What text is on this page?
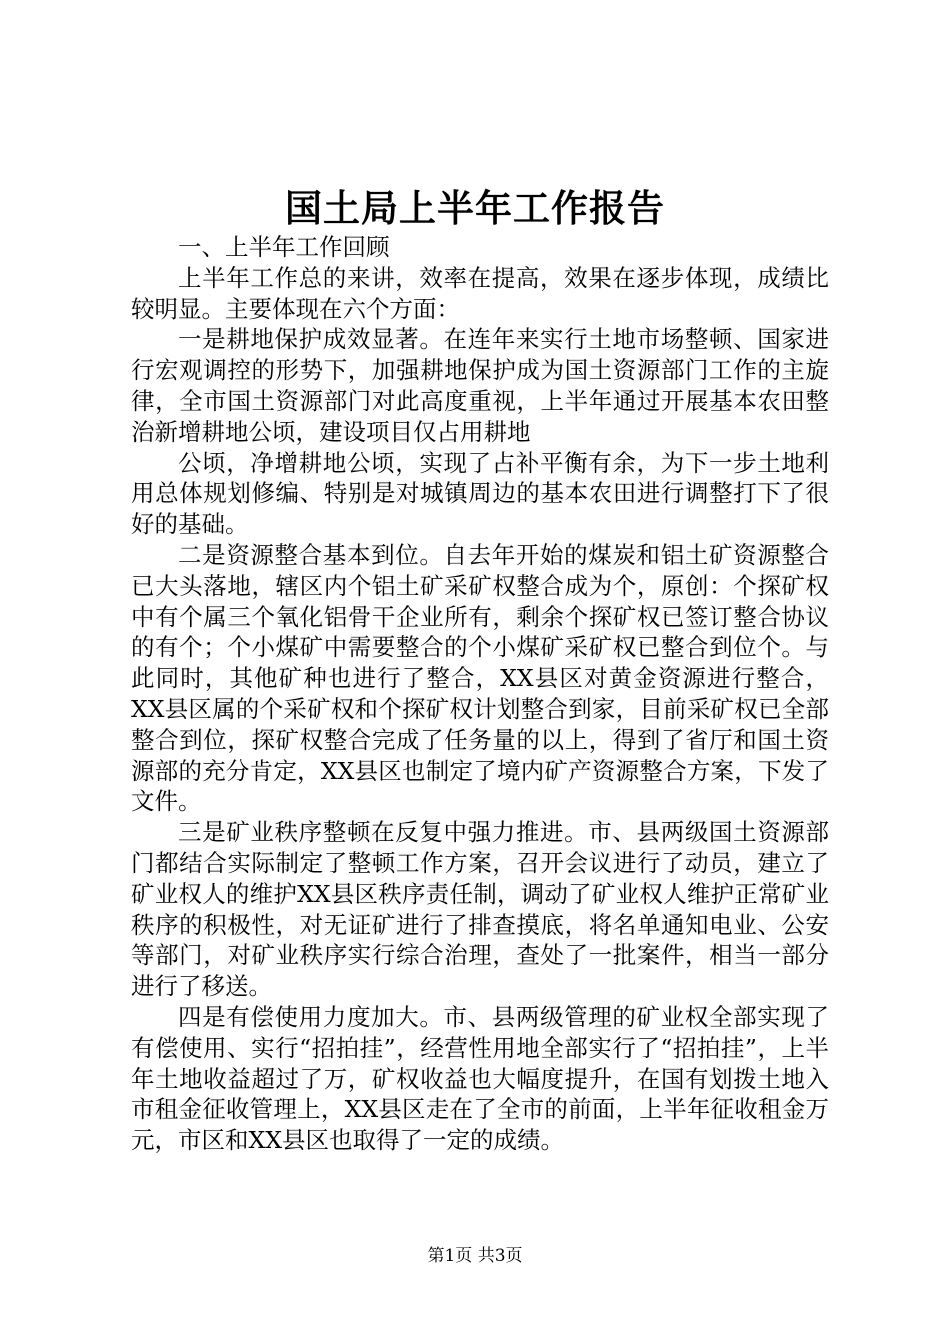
国土局上半年工作报告

一、上半年工作回顾

上半年工作总的来讲，效率在提高，效果在逐步体现，成绩比较明显。主要体现在六个方面：

一是耕地保护成效显著。在连年来实行土地市场整顿、国家进行宏观调控的形势下，加强耕地保护成为国土资源部门工作的主旋律，全市国土资源部门对此高度重视，上半年通过开展基本农田整治新增耕地公顷，建设项目仅占用耕地

公顷，净增耕地公顷，实现了占补平衡有余，为下一步土地利用总体规划修编、特别是对城镇周边的基本农田进行调整打下了很好的基础。

二是资源整合基本到位。自去年开始的煤炭和铝土矿资源整合已大头落地，辖区内个铝土矿采矿权整合成为个，原创：个探矿权中有个属三个氧化铝骨干企业所有，剩余个探矿权已签订整合协议的有个；个小煤矿中需要整合的个小煤矿采矿权已整合到位个。与此同时，其他矿种也进行了整合，XX县区对黄金资源进行整合，XX县区属的个采矿权和个探矿权计划整合到家，目前采矿权已全部整合到位，探矿权整合完成了任务量的以上，得到了省厅和国土资源部的充分肯定，XX县区也制定了境内矿产资源整合方案，下发了文件。

三是矿业秩序整顿在反复中强力推进。市、县两级国土资源部门都结合实际制定了整顿工作方案，召开会议进行了动员，建立了矿业权人的维护XX县区秩序责任制，调动了矿业权人维护正常矿业秩序的积极性，对无证矿进行了排查摸底，将名单通知电业、公安等部门，对矿业秩序实行综合治理，查处了一批案件，相当一部分进行了移送。

四是有偿使用力度加大。市、县两级管理的矿业权全部实现了有偿使用、实行“招拍挂”，经营性用地全部实行了“招拍挂”，上半年土地收益超过了万，矿权收益也大幅度提升，在国有划拨土地入市租金征收管理上，XX县区走在了全市的前面，上半年征收租金万元，市区和XX县区也取得了一定的成绩。

第1页 共3页
